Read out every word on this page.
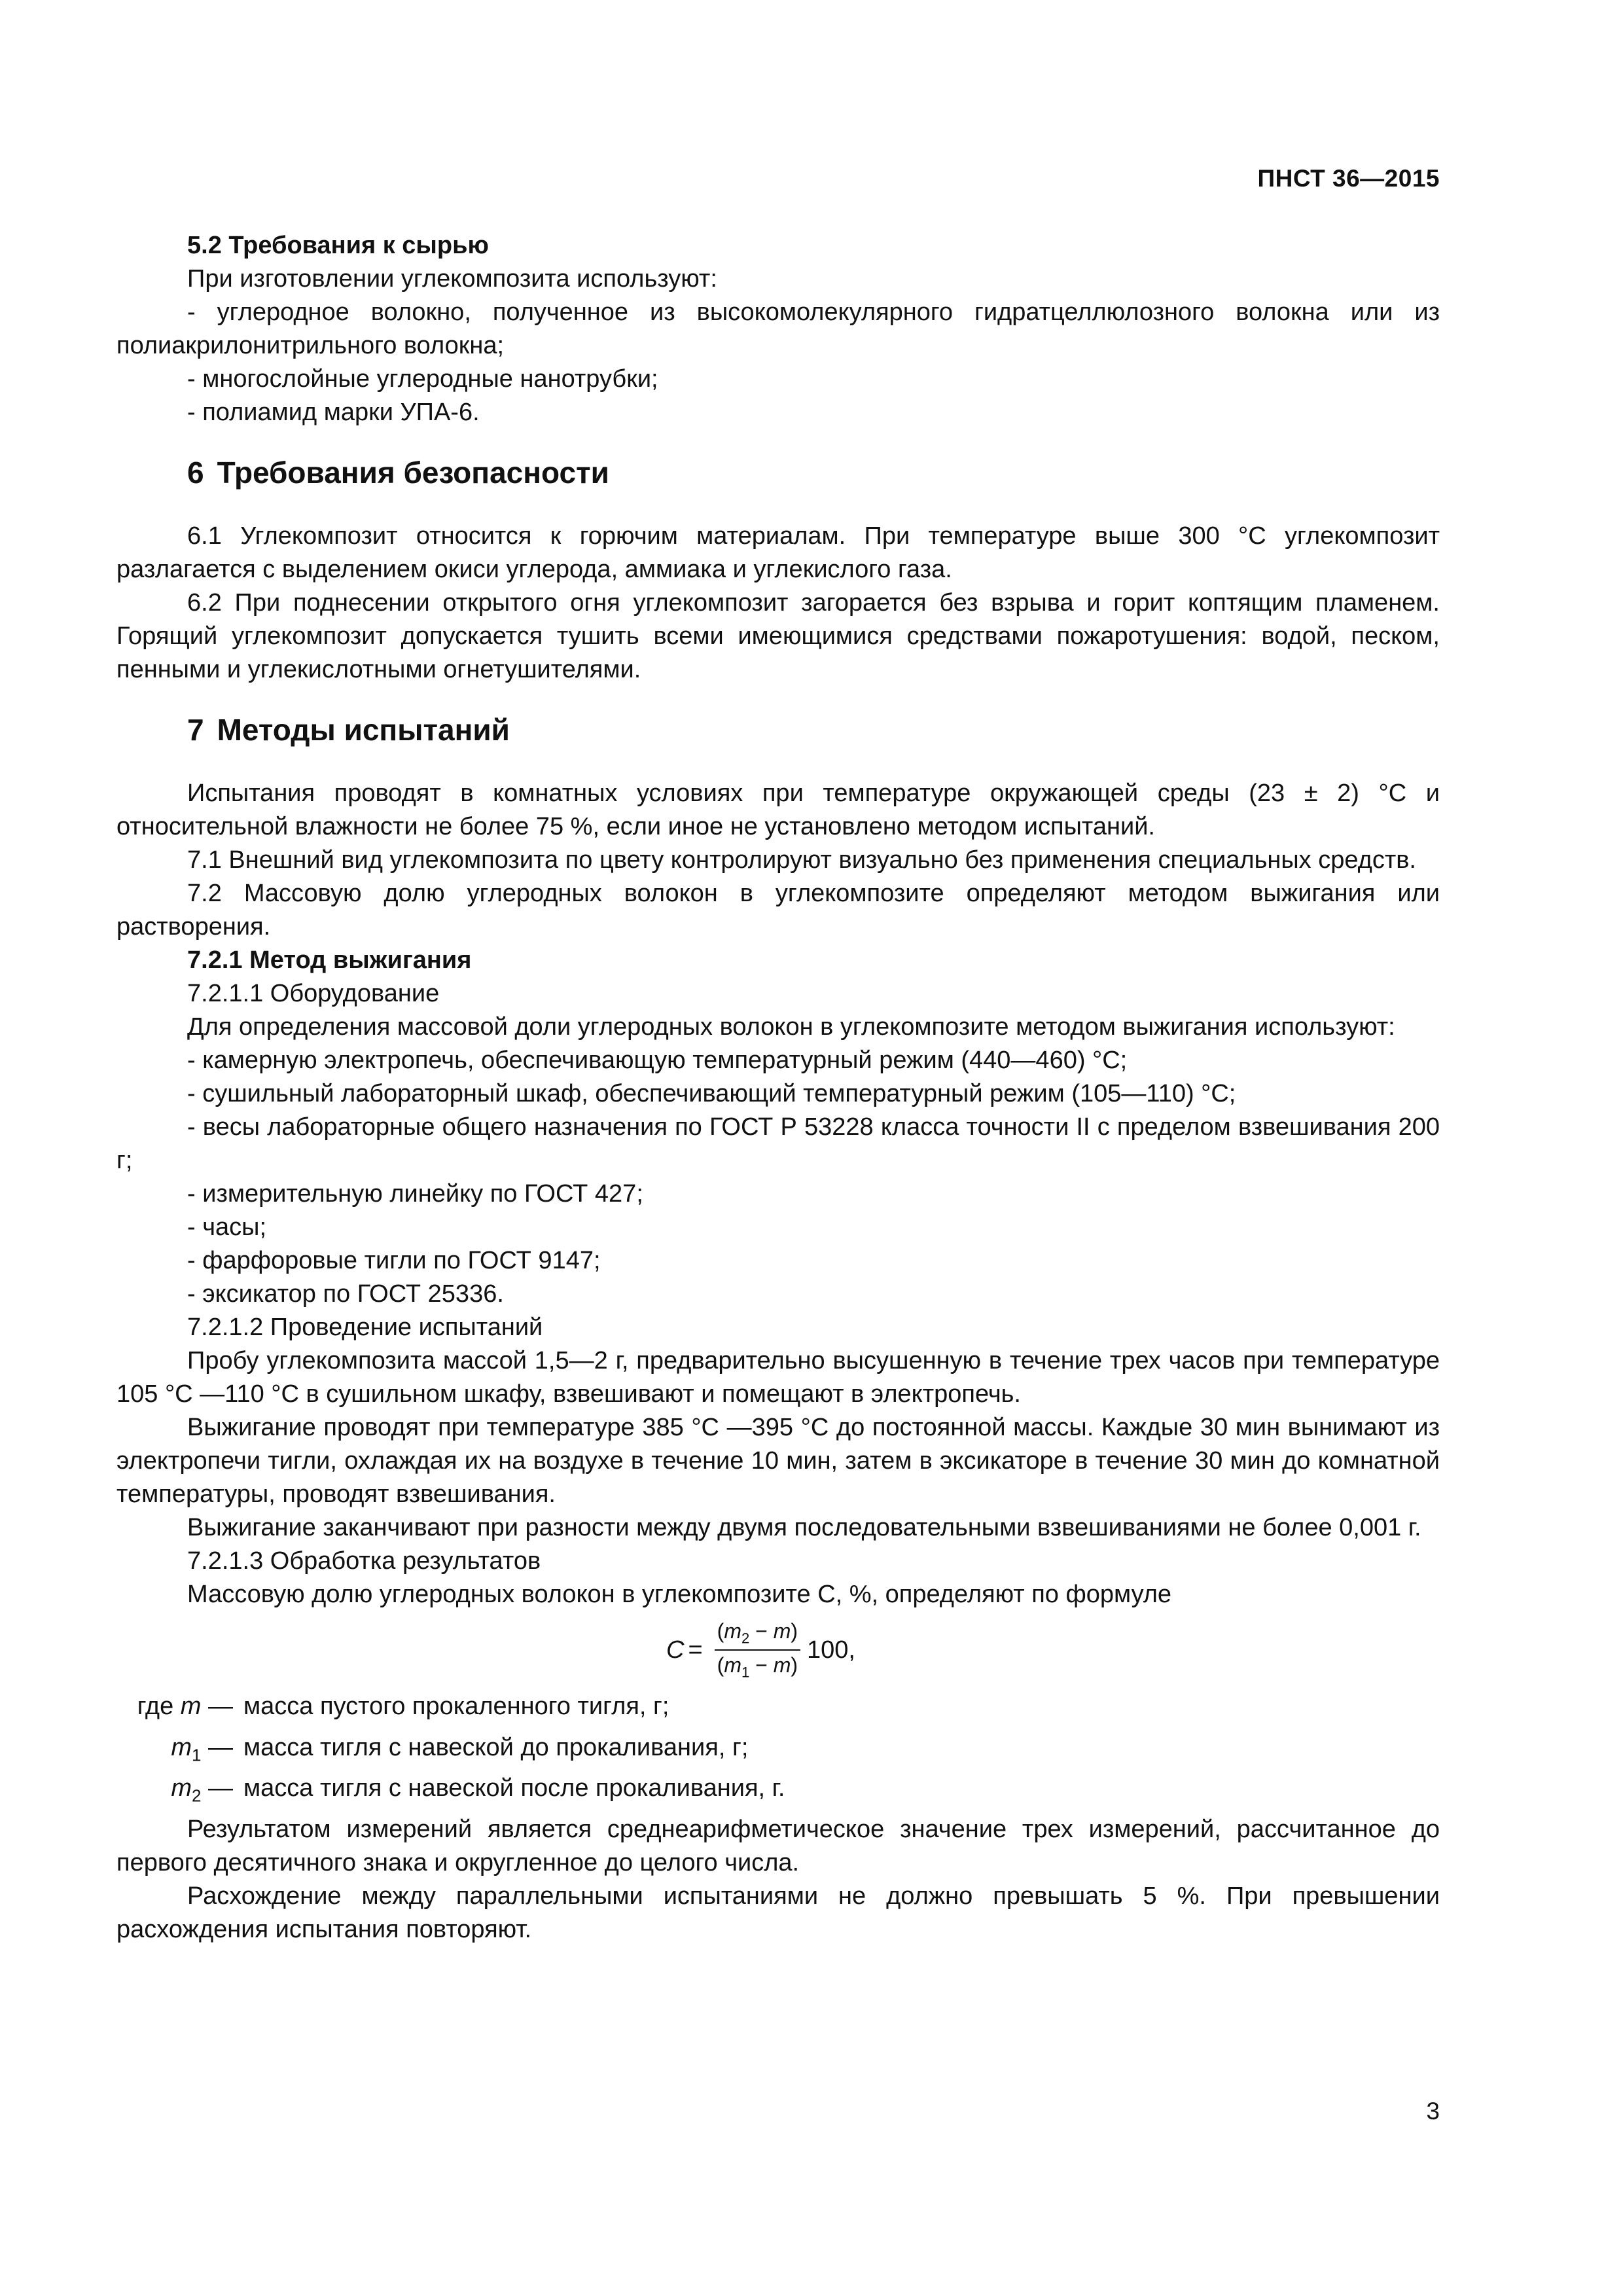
ПНСТ 36—2015

5.2 Требования к сырью

При изготовлении углекомпозита используют:

- углеродное волокно, полученное из высокомолекулярного гидратцеллюлозного волокна или из полиакрилонитрильного волокна;

- многослойные углеродные нанотрубки;

- полиамид марки УПА-6.

6 Требования безопасности

6.1 Углекомпозит относится к горючим материалам. При температуре выше 300 °С углекомпозит разлагается с выделением окиси углерода, аммиака и углекислого газа.

6.2 При поднесении открытого огня углекомпозит загорается без взрыва и горит коптящим пламенем. Горящий углекомпозит допускается тушить всеми имеющимися средствами пожаротушения: водой, песком, пенными и углекислотными огнетушителями.

7 Методы испытаний

Испытания проводят в комнатных условиях при температуре окружающей среды (23 ± 2) °С и относительной влажности не более 75 %, если иное не установлено методом испытаний.

7.1 Внешний вид углекомпозита по цвету контролируют визуально без применения специальных средств.

7.2 Массовую долю углеродных волокон в углекомпозите определяют методом выжигания или растворения.

7.2.1 Метод выжигания

7.2.1.1 Оборудование

Для определения массовой доли углеродных волокон в углекомпозите методом выжигания используют:

- камерную электропечь, обеспечивающую температурный режим (440—460) °С;

- сушильный лабораторный шкаф, обеспечивающий температурный режим (105—110) °С;

- весы лабораторные общего назначения по ГОСТ Р 53228 класса точности II с пределом взвешивания 200 г;

- измерительную линейку по ГОСТ 427;

- часы;

- фарфоровые тигли по ГОСТ 9147;

- эксикатор по ГОСТ 25336.

7.2.1.2 Проведение испытаний

Пробу углекомпозита массой 1,5—2 г, предварительно высушенную в течение трех часов при температуре 105 °С —110 °С в сушильном шкафу, взвешивают и помещают в электропечь.

Выжигание проводят при температуре 385 °С —395 °С до постоянной массы. Каждые 30 мин вынимают из электропечи тигли, охлаждая их на воздухе в течение 10 мин, затем в эксикаторе в течение 30 мин до комнатной температуры, проводят взвешивания.

Выжигание заканчивают при разности между двумя последовательными взвешиваниями не более 0,001 г.

7.2.1.3 Обработка результатов

Массовую долю углеродных волокон в углекомпозите С, %, определяют по формуле

$С = \frac{(m_2 - m)}{(m_1 - m)} 100$,
где m — масса пустого прокаленного тигля, г;
$m_1$ — масса тигля с навеской до прокаливания, г;
$m_2$ — масса тигля с навеской после прокаливания, г.

Результатом измерений является среднеарифметическое значение трех измерений, рассчитанное до первого десятичного знака и округленное до целого числа.

Расхождение между параллельными испытаниями не должно превышать 5 %. При превышении расхождения испытания повторяют.

3
